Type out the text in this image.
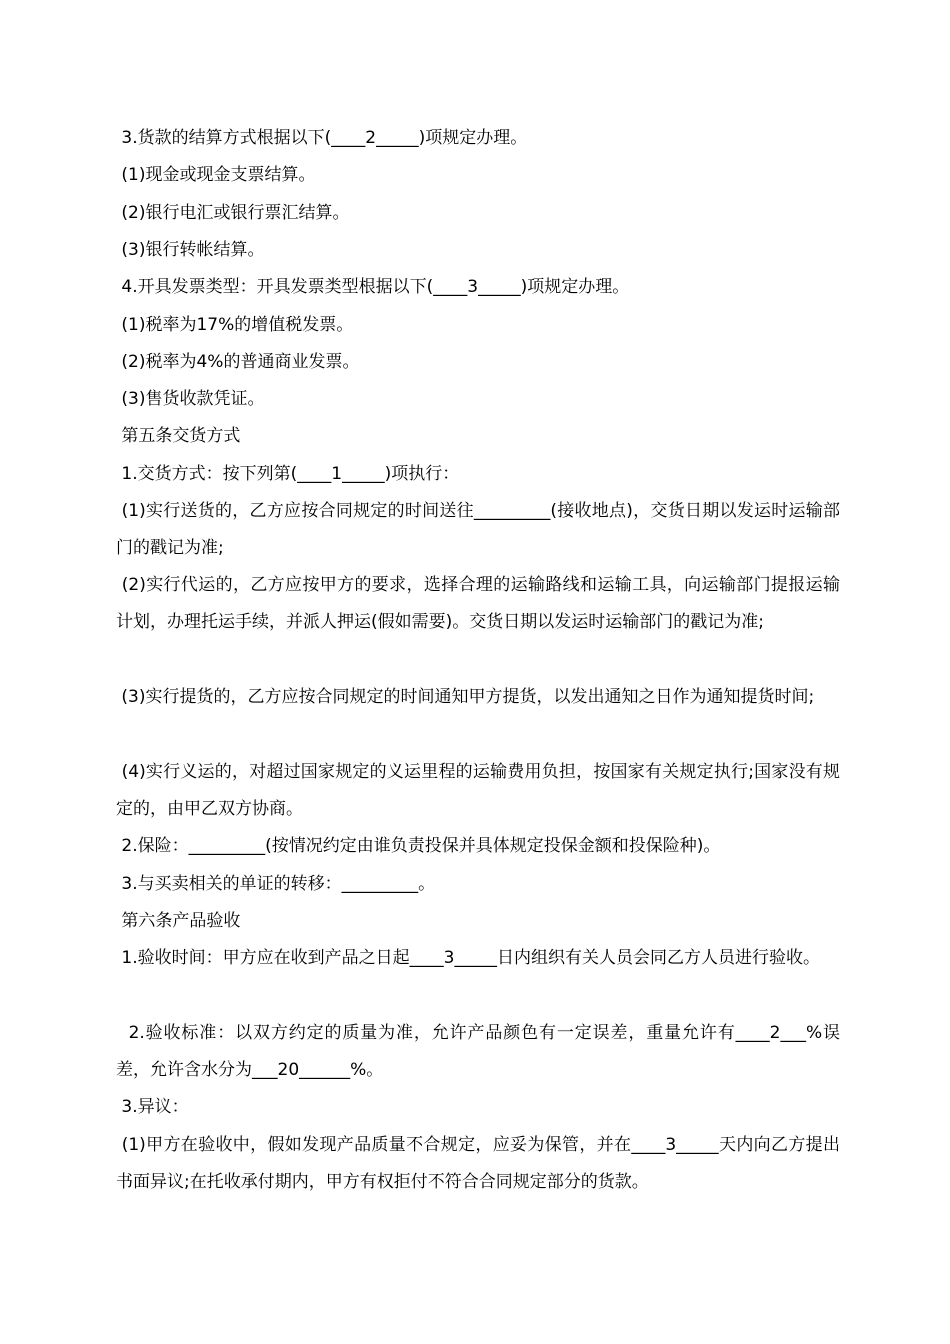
3.货款的结算方式根据以下(____2_____)项规定办理。

(1)现金或现金支票结算。

(2)银行电汇或银行票汇结算。

(3)银行转帐结算。

4.开具发票类型：开具发票类型根据以下(____3_____)项规定办理。

(1)税率为17%的增值税发票。

(2)税率为4%的普通商业发票。

(3)售货收款凭证。

第五条交货方式

1.交货方式：按下列第(____1_____)项执行：

(1)实行送货的，乙方应按合同规定的时间送往_________(接收地点)，交货日期以发运时运输部门的戳记为准;

(2)实行代运的，乙方应按甲方的要求，选择合理的运输路线和运输工具，向运输部门提报运输计划，办理托运手续，并派人押运(假如需要)。交货日期以发运时运输部门的戳记为准;

(3)实行提货的，乙方应按合同规定的时间通知甲方提货，以发出通知之日作为通知提货时间;

(4)实行义运的，对超过国家规定的义运里程的运输费用负担，按国家有关规定执行;国家没有规定的，由甲乙双方协商。

2.保险：_________(按情况约定由谁负责投保并具体规定投保金额和投保险种)。

3.与买卖相关的单证的转移：_________。

第六条产品验收

1.验收时间：甲方应在收到产品之日起____3_____日内组织有关人员会同乙方人员进行验收。

2.验收标准：以双方约定的质量为准，允许产品颜色有一定误差，重量允许有____2___%误差，允许含水分为___20______%。

3.异议：

(1)甲方在验收中，假如发现产品质量不合规定，应妥为保管，并在____3_____天内向乙方提出书面异议;在托收承付期内，甲方有权拒付不符合合同规定部分的货款。
